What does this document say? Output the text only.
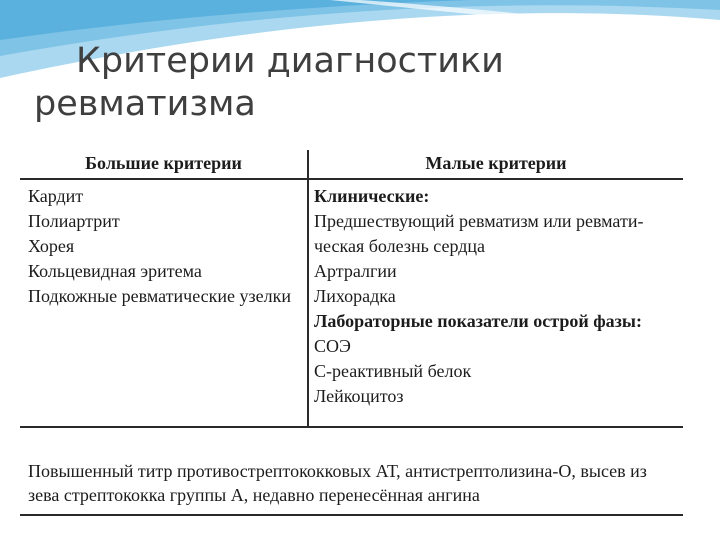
Критерии диагностики
ревматизма
Большие критерии	Малые критерии
Кардит
Полиартрит
Хорея
Кольцевидная эритема
Подкожные ревматические узелки
Клинические:
Предшествующий ревматизм или ревмати-
ческая болезнь сердца
Артралгии
Лихорадка
Лабораторные показатели острой фазы:
СОЭ
С-реактивный белок
Лейкоцитоз
Повышенный титр противострептококковых АТ, антистрептолизина-О, высев из
зева стрептококка группы А, недавно перенесённая ангина
